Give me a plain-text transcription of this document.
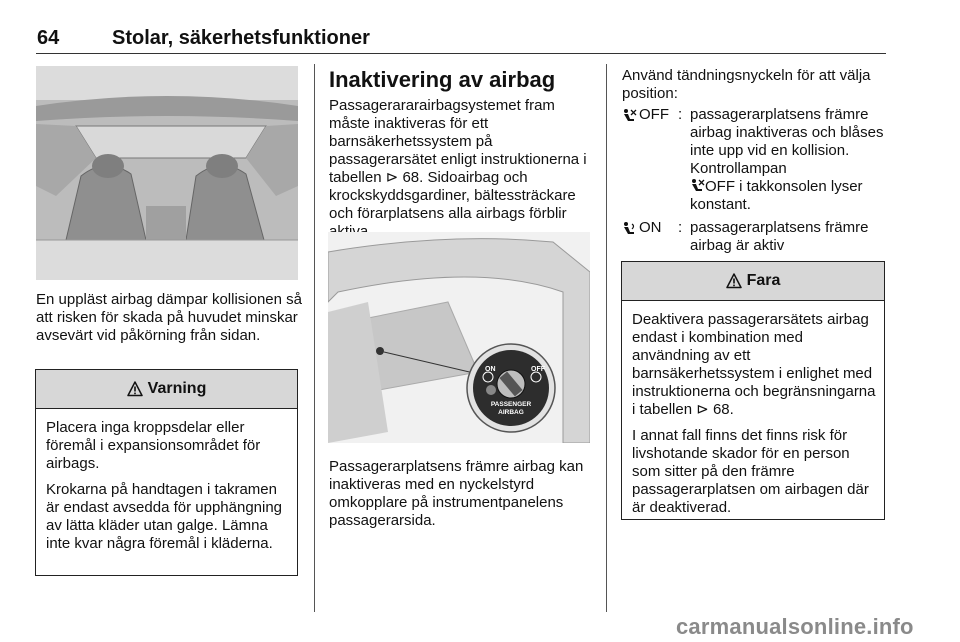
64	Stolar, säkerhetsfunktioner
En uppläst airbag dämpar kollisionen så att risken för skada på huvudet minskar avsevärt vid påkörning från sidan.
Varning

Placera inga kroppsdelar eller föremål i expansionsområdet för airbags.

Krokarna på handtagen i takramen är endast avsedda för upphängning av lätta kläder utan galge. Lämna inte kvar några föremål i kläderna.

Inaktivering av airbag
Passagerararairbagsystemet fram måste inaktiveras för ett barnsäkerhetssystem på passagerarsätet enligt instruktionerna i tabellen ⊳ 68. Sidoairbag och krockskyddsgardiner, bältessträckare och förarplatsens alla airbags förblir
ON	OFF
PASSENGER
AIRBAG
Passagerarplatsens främre airbag kan inaktiveras med en nyckelstyrd omkopplare på instrumentpanelens passagerarsida.
Använd tändningsnyckeln för att välja position:
OFF : passagerarplatsens främre airbag inaktiveras och blåses inte upp vid en kollision. Kontrollampan
OFF i takkonsolen lyser konstant.
ON : passagerarplatsens främre airbag är aktiv
Fara

Deaktivera passagerarsätets airbag endast i kombination med användning av ett barnsäkerhetssystem i enlighet med instruktionerna och begränsningarna i tabellen ⊳ 68.

I annat fall finns det finns risk för livshotande skador för en person som sitter på den främre passagerarplatsen om airbagen där är deaktiverad.

carmanualsonline.info
